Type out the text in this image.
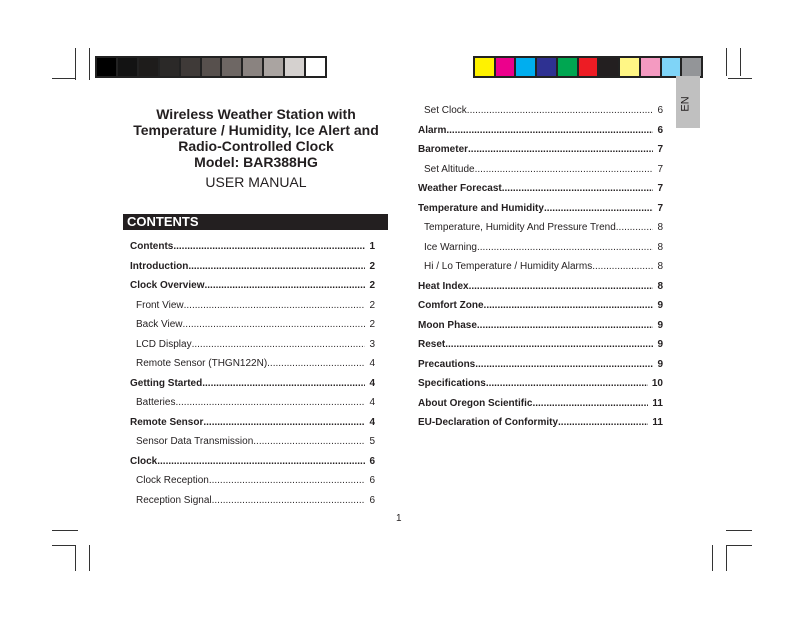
EN
Wireless Weather Station with
Temperature / Humidity, Ice Alert and
Radio-Controlled Clock
Model: BAR388HG
USER MANUAL
CONTENTS
Contents .....	1
Introduction .....	2
Clock Overview .....	2
Front View .....	2
Back View .....	2
LCD Display .....	3
Remote Sensor (THGN122N) .....	4
Getting Started .....	4
Batteries .....	4
Remote Sensor .....	4
Sensor Data Transmission .....	5
Clock .....	6
Clock Reception .....	6
Reception Signal .....	6
Set Clock .....	6
Alarm .....	6
Barometer .....	7
Set Altitude .....	7
Weather Forecast .....	7
Temperature and Humidity .....	7
Temperature, Humidity And Pressure Trend .....	8
Ice Warning .....	8
Hi / Lo Temperature / Humidity Alarms .....	8
Heat Index .....	8
Comfort Zone .....	9
Moon Phase .....	9
Reset .....	9
Precautions .....	9
Specifications .....	10
About Oregon Scientific .....	11
EU-Declaration of Conformity .....	11
1
